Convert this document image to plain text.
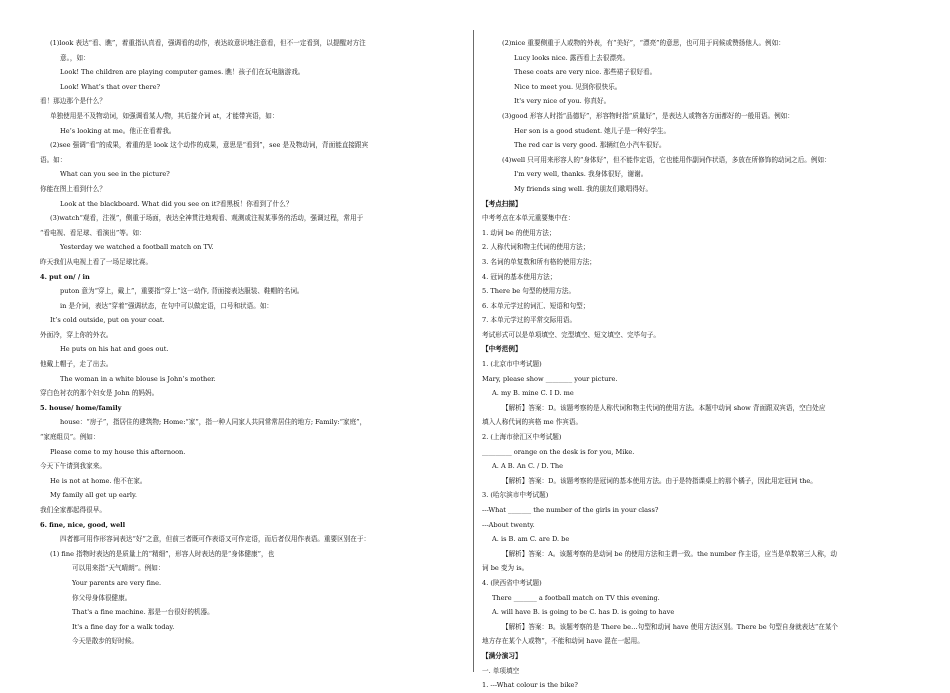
(1)look 表达“看、瞧”，着重指认真看，强调看的动作，表达故意识地注意看，但不一定看到，以提醒对方注
意。，如：
Look! The children are playing computer games. 瞧！孩子们在玩电脑游戏。
Look! What’s that over there?
看！那边那个是什么？
单独使用是不及物动词，如强调看某人/物，其后接介词 at，才能带宾语，如：
He’s looking at me。他正在看着我。
(2)see 强调“看”的成果，着重的是 look 这个动作的成果，意思是“看到”，see 是及物动词，背面能直接跟宾
语。如：
What can you see in the picture?
你能在图上看到什么？
Look at the blackboard. What did you see on it?看黑板！你看到了什么？
(3)watch“观看，注视”，侧重于场面，表达全神贯注地观看、观测或注视某事务的活动，强调过程，常用于
“看电视、看足球、看演出”等。如：
Yesterday we watched a football match on TV.
昨天我们从电视上看了一场足球比赛。
4. put on/ / in
puton 意为“穿上，戴上”，重要指“穿上”这一动作, 背面接表达服装、鞋帽的名词。
in 是介词，表达“穿着”强调状态，在句中可以做定语，口号和状语。如：
It’s cold outside, put on your coat.
外面冷，穿上你的外衣。
He puts on his hat and goes out.
他戴上帽子，走了出去。
The woman in a white blouse is John’s mother.
穿白色衬衣的那个妇女是 John 的妈妈。
5. house/ home/family
house：“房子”，指居住的建筑物; Home:“家”，指一种人同家人共同常常居住的地方; Family:“家庭”，
“家庭组员”。例如：
Please come to my house this afternoon.
今天下午请到我家来。
He is not at home. 他不在家。
My family all get up early.
我们全家都起得很早。
6. fine, nice, good, well
四者都可用作形容词表达“好”之意，但前三者既可作表语又可作定语，而后者仅用作表语。重要区别在于：
(1) fine 指物时表达的是质量上的“精细”，形容人时表达的是“身体健康”，也
可以用来指“天气晴朗”。例如：
Your parents are very fine.
你父母身体很健康。
That's a fine machine. 那是一台很好的机器。
It's a fine day for a walk today.
今天是散步的好时候。
(2)nice 重要侧重于人或物的外表，有“美好”，“漂亮”的意思，也可用于问候或赞扬他人。例如：
Lucy looks nice. 露西看上去很漂亮。
These coats are very nice. 那些裙子很好看。
Nice to meet you. 见到你很快乐。
It's very nice of you. 你真好。
(3)good 形容人时指“品德好”，形容物时指“质量好”，是表达人或物各方面都好的一般用语。例如：
Her son is a good student. 她儿子是一种好学生。
The red car is very good. 那辆红色小汽车很好。
(4)well 只可用来形容人的“身体好”，但不能作定语，它也能用作副词作状语，多放在所修饰的动词之后。例如：
I'm very well, thanks. 我身体很好，谢谢。
My friends sing well. 我的朋友们歌唱得好。
【考点扫描】
中考考点在本单元重要集中在：
1. 动词 be 的使用方法；
2. 人称代词和物主代词的使用方法；
3. 名词的单复数和所有格的使用方法；
4. 冠词的基本使用方法；
5. There be 句型的使用方法。
6. 本单元学过的词汇、短语和句型；
7. 本单元学过的平常交际用语。
考试形式可以是单项填空、完型填空、短文填空、完毕句子。
【中考范例】
1. (北京市中考试题)
Mary, please show ________ your picture.
A. my B. mine C. I D. me
【解析】答案：D。该题考察的是人称代词和物主代词的使用方法。本题中动词 show 背面跟双宾语，空白处应
填入人称代词的宾格 me 作宾语。
2. (上海市徐汇区中考试题)
_________ orange on the desk is for you, Mike.
A. A B. An C. / D. The
【解析】答案：D。该题考察的是冠词的基本使用方法。由于是特指课桌上的那个橘子，因此用定冠词 the。
3. (哈尔滨市中考试题)
---What _______ the number of the girls in your class?
---About twenty.
A. is B. am C. are D. be
【解析】答案：A。该题考察的是动词 be 的使用方法和主谓一致。the number 作主语，应当是单数第三人称，动
词 be 变为 is。
4. (陕西省中考试题)
There _______ a football match on TV this evening.
A. will have B. is going to be C. has D. is going to have
【解析】答案：B。该题考察的是 There be…句型和动词 have 使用方法区别。There be 句型自身就表达“在某个
地方存在某个人或物”，不能和动词 have 混在一起用。
【满分演习】
一. 单项填空
1. ---What colour is the bike?
